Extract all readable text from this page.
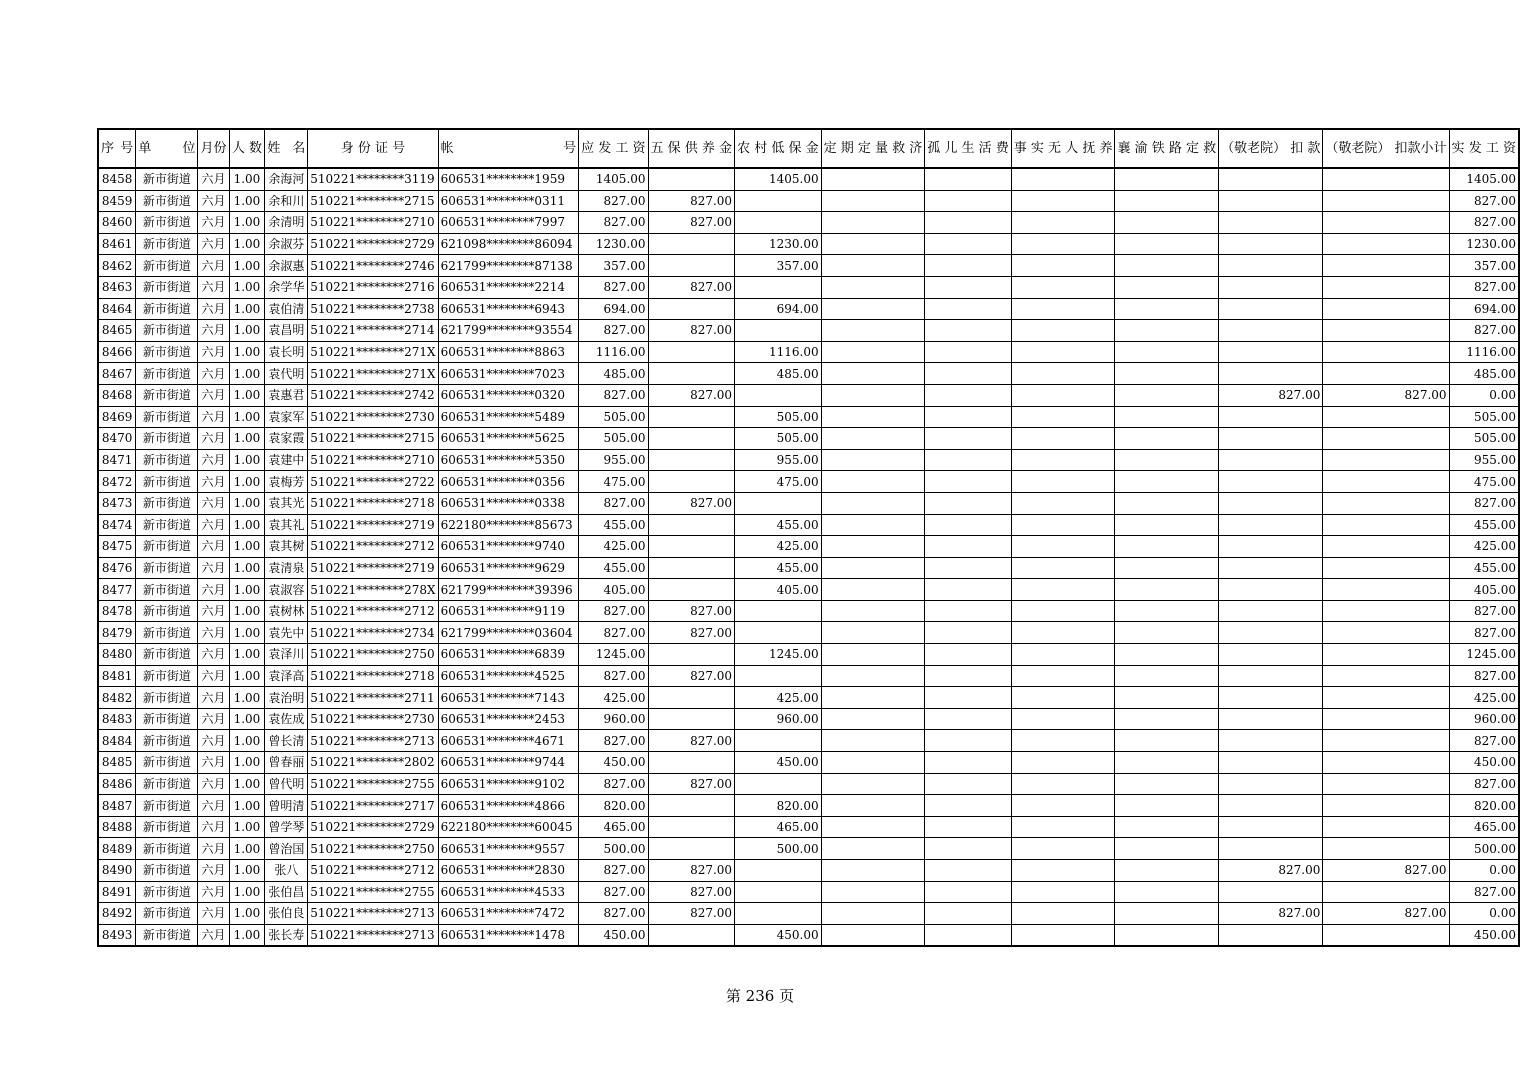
序 号	单 位	月份	人 数	姓 名	身 份 证 号	帐 号	应 发 工 资	五 保 供 养 金	农 村 低 保 金	定 期 定 量 救 济	孤 儿 生 活 费	事 实 无 人 抚 养	襄 渝 铁 路 定 救	（敬老院） 扣 款	（敬老院） 扣款小计	实 发 工 资
8458	新市街道	六月	1.00	余海河	510221********3119	606531********1959	1405.00		1405.00							1405.00
8459	新市街道	六月	1.00	余和川	510221********2715	606531********0311	827.00	827.00								827.00
8460	新市街道	六月	1.00	余清明	510221********2710	606531********7997	827.00	827.00								827.00
8461	新市街道	六月	1.00	余淑芬	510221********2729	621098********86094	1230.00		1230.00							1230.00
8462	新市街道	六月	1.00	余淑惠	510221********2746	621799********87138	357.00		357.00							357.00
8463	新市街道	六月	1.00	余学华	510221********2716	606531********2214	827.00	827.00								827.00
8464	新市街道	六月	1.00	袁伯清	510221********2738	606531********6943	694.00		694.00							694.00
8465	新市街道	六月	1.00	袁昌明	510221********2714	621799********93554	827.00	827.00								827.00
8466	新市街道	六月	1.00	袁长明	510221********271X	606531********8863	1116.00		1116.00							1116.00
8467	新市街道	六月	1.00	袁代明	510221********271X	606531********7023	485.00		485.00							485.00
8468	新市街道	六月	1.00	袁惠君	510221********2742	606531********0320	827.00	827.00						827.00	827.00	0.00
8469	新市街道	六月	1.00	袁家军	510221********2730	606531********5489	505.00		505.00							505.00
8470	新市街道	六月	1.00	袁家霞	510221********2715	606531********5625	505.00		505.00							505.00
8471	新市街道	六月	1.00	袁建中	510221********2710	606531********5350	955.00		955.00							955.00
8472	新市街道	六月	1.00	袁梅芳	510221********2722	606531********0356	475.00		475.00							475.00
8473	新市街道	六月	1.00	袁其光	510221********2718	606531********0338	827.00	827.00								827.00
8474	新市街道	六月	1.00	袁其礼	510221********2719	622180********85673	455.00		455.00							455.00
8475	新市街道	六月	1.00	袁其树	510221********2712	606531********9740	425.00		425.00							425.00
8476	新市街道	六月	1.00	袁清泉	510221********2719	606531********9629	455.00		455.00							455.00
8477	新市街道	六月	1.00	袁淑容	510221********278X	621799********39396	405.00		405.00							405.00
8478	新市街道	六月	1.00	袁树林	510221********2712	606531********9119	827.00	827.00								827.00
8479	新市街道	六月	1.00	袁先中	510221********2734	621799********03604	827.00	827.00								827.00
8480	新市街道	六月	1.00	袁泽川	510221********2750	606531********6839	1245.00		1245.00							1245.00
8481	新市街道	六月	1.00	袁泽高	510221********2718	606531********4525	827.00	827.00								827.00
8482	新市街道	六月	1.00	袁治明	510221********2711	606531********7143	425.00		425.00							425.00
8483	新市街道	六月	1.00	袁佐成	510221********2730	606531********2453	960.00		960.00							960.00
8484	新市街道	六月	1.00	曾长清	510221********2713	606531********4671	827.00	827.00								827.00
8485	新市街道	六月	1.00	曾春丽	510221********2802	606531********9744	450.00		450.00							450.00
8486	新市街道	六月	1.00	曾代明	510221********2755	606531********9102	827.00	827.00								827.00
8487	新市街道	六月	1.00	曾明清	510221********2717	606531********4866	820.00		820.00							820.00
8488	新市街道	六月	1.00	曾学琴	510221********2729	622180********60045	465.00		465.00							465.00
8489	新市街道	六月	1.00	曾治国	510221********2750	606531********9557	500.00		500.00							500.00
8490	新市街道	六月	1.00	张八	510221********2712	606531********2830	827.00	827.00						827.00	827.00	0.00
8491	新市街道	六月	1.00	张伯昌	510221********2755	606531********4533	827.00	827.00								827.00
8492	新市街道	六月	1.00	张伯良	510221********2713	606531********7472	827.00	827.00						827.00	827.00	0.00
8493	新市街道	六月	1.00	张长寿	510221********2713	606531********1478	450.00		450.00							450.00
第 236 页
